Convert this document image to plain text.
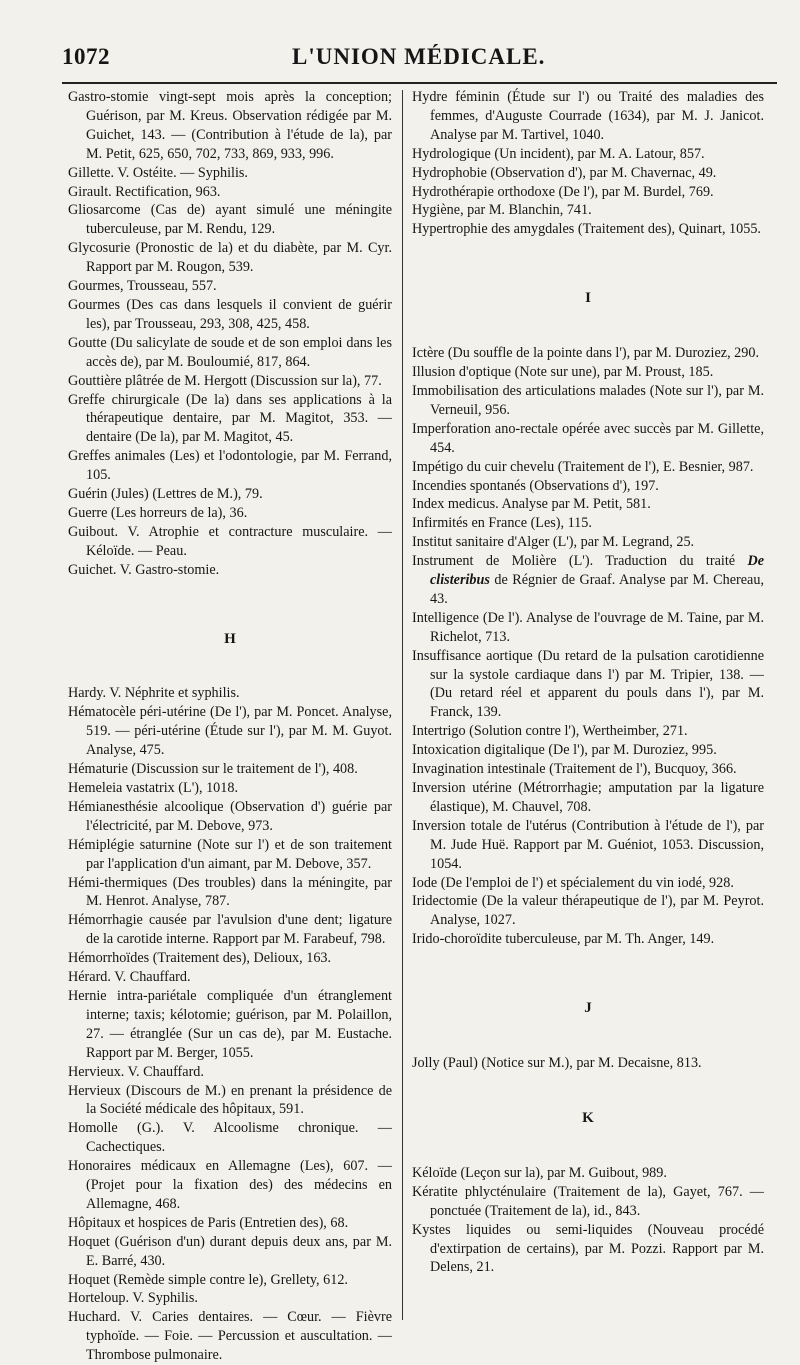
1072	L'UNION MÉDICALE.

Gastro-stomie vingt-sept mois après la conception; Guérison, par M. Kreus. Observation rédigée par M. Guichet, 143. — (Contribution à l'étude de la), par M. Petit, 625, 650, 702, 733, 869, 933, 996.

Gillette. V. Ostéite. — Syphilis.

Girault. Rectification, 963.

Gliosarcome (Cas de) ayant simulé une méningite tuberculeuse, par M. Rendu, 129.

Glycosurie (Pronostic de la) et du diabète, par M. Cyr. Rapport par M. Rougon, 539.

Gourmes, Trousseau, 557.

Gourmes (Des cas dans lesquels il convient de guérir les), par Trousseau, 293, 308, 425, 458.

Goutte (Du salicylate de soude et de son emploi dans les accès de), par M. Bouloumié, 817, 864.

Gouttière plâtrée de M. Hergott (Discussion sur la), 77.

Greffe chirurgicale (De la) dans ses applications à la thérapeutique dentaire, par M. Magitot, 353. — dentaire (De la), par M. Magitot, 45.

Greffes animales (Les) et l'odontologie, par M. Ferrand, 105.

Guérin (Jules) (Lettres de M.), 79.

Guerre (Les horreurs de la), 36.

Guibout. V. Atrophie et contracture musculaire. — Kéloïde. — Peau.

Guichet. V. Gastro-stomie.

H

Hardy. V. Néphrite et syphilis.

Hématocèle péri-utérine (De l'), par M. Poncet. Analyse, 519. — péri-utérine (Étude sur l'), par M. M. Guyot. Analyse, 475.

Hématurie (Discussion sur le traitement de l'), 408.

Hemeleia vastatrix (L'), 1018.

Hémianesthésie alcoolique (Observation d') guérie par l'électricité, par M. Debove, 973.

Hémiplégie saturnine (Note sur l') et de son traitement par l'application d'un aimant, par M. Debove, 357.

Hémi-thermiques (Des troubles) dans la méningite, par M. Henrot. Analyse, 787.

Hémorrhagie causée par l'avulsion d'une dent; ligature de la carotide interne. Rapport par M. Farabeuf, 798.

Hémorrhoïdes (Traitement des), Delioux, 163.

Hérard. V. Chauffard.

Hernie intra-pariétale compliquée d'un étranglement interne; taxis; kélotomie; guérison, par M. Polaillon, 27. — étranglée (Sur un cas de), par M. Eustache. Rapport par M. Berger, 1055.

Hervieux. V. Chauffard.

Hervieux (Discours de M.) en prenant la présidence de la Société médicale des hôpitaux, 591.

Homolle (G.). V. Alcoolisme chronique. — Cachectiques.

Honoraires médicaux en Allemagne (Les), 607. — (Projet pour la fixation des) des médecins en Allemagne, 468.

Hôpitaux et hospices de Paris (Entretien des), 68.

Hoquet (Guérison d'un) durant depuis deux ans, par M. E. Barré, 430.

Hoquet (Remède simple contre le), Grellety, 612.

Horteloup. V. Syphilis.

Huchard. V. Caries dentaires. — Cœur. — Fièvre typhoïde. — Foie. — Percussion et auscultation. — Thrombose pulmonaire.

Hydre féminin (Étude sur l') ou Traité des maladies des femmes, d'Auguste Courrade (1634), par M. J. Janicot. Analyse par M. Tartivel, 1040.

Hydrologique (Un incident), par M. A. Latour, 857.

Hydrophobie (Observation d'), par M. Chavernac, 49.

Hydrothérapie orthodoxe (De l'), par M. Burdel, 769.

Hygiène, par M. Blanchin, 741.

Hypertrophie des amygdales (Traitement des), Quinart, 1055.

I

Ictère (Du souffle de la pointe dans l'), par M. Duroziez, 290.

Illusion d'optique (Note sur une), par M. Proust, 185.

Immobilisation des articulations malades (Note sur l'), par M. Verneuil, 956.

Imperforation ano-rectale opérée avec succès par M. Gillette, 454.

Impétigo du cuir chevelu (Traitement de l'), E. Besnier, 987.

Incendies spontanés (Observations d'), 197.

Index medicus. Analyse par M. Petit, 581.

Infirmités en France (Les), 115.

Institut sanitaire d'Alger (L'), par M. Legrand, 25.

Instrument de Molière (L'). Traduction du traité De clisteribus de Régnier de Graaf. Analyse par M. Chereau, 43.

Intelligence (De l'). Analyse de l'ouvrage de M. Taine, par M. Richelot, 713.

Insuffisance aortique (Du retard de la pulsation carotidienne sur la systole cardiaque dans l') par M. Tripier, 138. — (Du retard réel et apparent du pouls dans l'), par M. Franck, 139.

Intertrigo (Solution contre l'), Wertheimber, 271.

Intoxication digitalique (De l'), par M. Duroziez, 995.

Invagination intestinale (Traitement de l'), Bucquoy, 366.

Inversion utérine (Métrorrhagie; amputation par la ligature élastique), M. Chauvel, 708.

Inversion totale de l'utérus (Contribution à l'étude de l'), par M. Jude Huë. Rapport par M. Guéniot, 1053. Discussion, 1054.

Iode (De l'emploi de l') et spécialement du vin iodé, 928.

Iridectomie (De la valeur thérapeutique de l'), par M. Peyrot. Analyse, 1027.

Irido-choroïdite tuberculeuse, par M. Th. Anger, 149.

J

Jolly (Paul) (Notice sur M.), par M. Decaisne, 813.

K

Kéloïde (Leçon sur la), par M. Guibout, 989.

Kératite phlycténulaire (Traitement de la), Gayet, 767. — ponctuée (Traitement de la), id., 843.

Kystes liquides ou semi-liquides (Nouveau procédé d'extirpation de certains), par M. Pozzi. Rapport par M. Delens, 21.
